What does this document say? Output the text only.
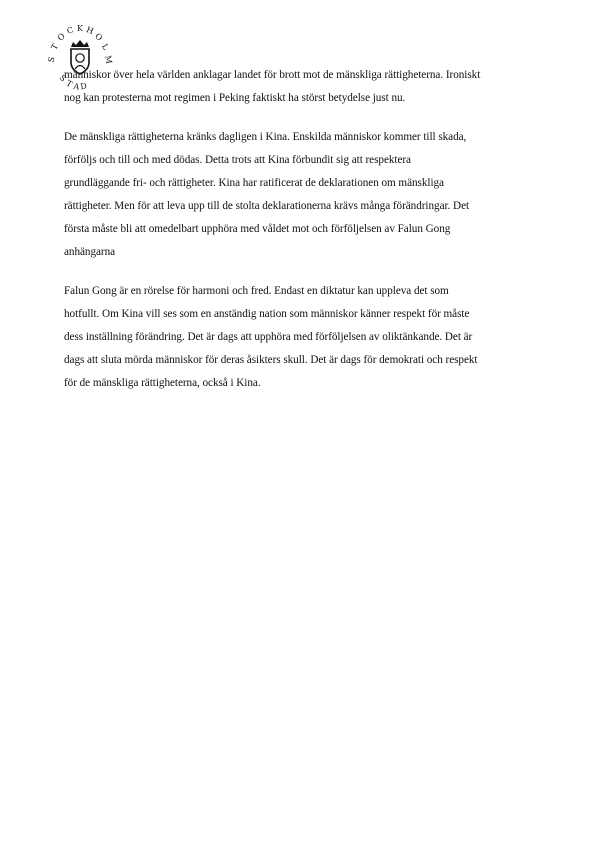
S
T
O
C K H
O
L
M
S
T
A D

människor över hela världen anklagar landet för brott mot de mänskliga rättigheterna. Ironiskt
nog kan protesterna mot regimen i Peking faktiskt ha störst betydelse just nu.

De mänskliga rättigheterna kränks dagligen i Kina. Enskilda människor kommer till skada,
förföljs och till och med dödas. Detta trots att Kina förbundit sig att respektera
grundläggande fri- och rättigheter. Kina har ratificerat de deklarationen om mänskliga
rättigheter. Men för att leva upp till de stolta deklarationerna krävs många förändringar. Det
första måste bli att omedelbart upphöra med våldet mot och förföljelsen av Falun Gong
anhängarna

Falun Gong är en rörelse för harmoni och fred. Endast en diktatur kan uppleva det som
hotfullt. Om Kina vill ses som en anständig nation som människor känner respekt för måste
dess inställning förändring. Det är dags att upphöra med förföljelsen av oliktänkande. Det är
dags att sluta mörda människor för deras åsikters skull. Det är dags för demokrati och respekt
för de mänskliga rättigheterna, också i Kina.
